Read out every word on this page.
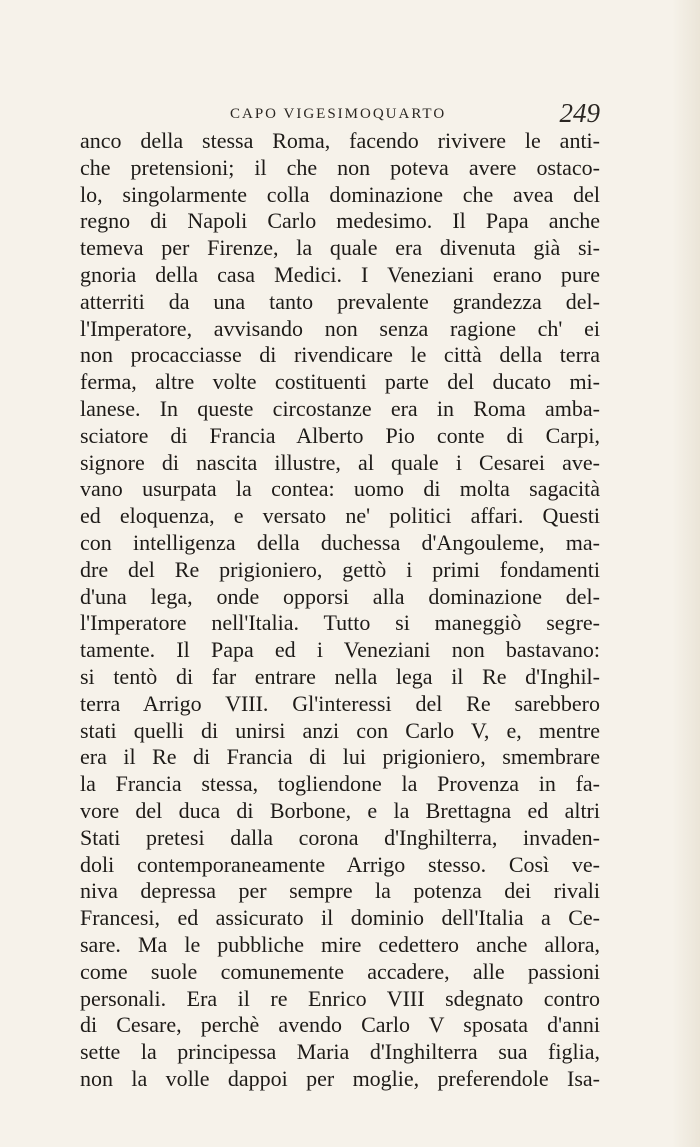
CAPO VIGESIMOQUARTO	249
anco della stessa Roma, facendo rivivere le anti-
che pretensioni; il che non poteva avere ostaco-
lo, singolarmente colla dominazione che avea del
regno di Napoli Carlo medesimo. Il Papa anche
temeva per Firenze, la quale era divenuta già si-
gnoria della casa Medici. I Veneziani erano pure
atterriti da una tanto prevalente grandezza del-
l'Imperatore, avvisando non senza ragione ch' ei
non procacciasse di rivendicare le città della terra
ferma, altre volte costituenti parte del ducato mi-
lanese. In queste circostanze era in Roma amba-
sciatore di Francia Alberto Pio conte di Carpi,
signore di nascita illustre, al quale i Cesarei ave-
vano usurpata la contea: uomo di molta sagacità
ed eloquenza, e versato ne' politici affari. Questi
con intelligenza della duchessa d'Angouleme, ma-
dre del Re prigioniero, gettò i primi fondamenti
d'una lega, onde opporsi alla dominazione del-
l'Imperatore nell'Italia. Tutto si maneggiò segre-
tamente. Il Papa ed i Veneziani non bastavano:
si tentò di far entrare nella lega il Re d'Inghil-
terra Arrigo VIII. Gl'interessi del Re sarebbero
stati quelli di unirsi anzi con Carlo V, e, mentre
era il Re di Francia di lui prigioniero, smembrare
la Francia stessa, togliendone la Provenza in fa-
vore del duca di Borbone, e la Brettagna ed altri
Stati pretesi dalla corona d'Inghilterra, invaden-
doli contemporaneamente Arrigo stesso. Così ve-
niva depressa per sempre la potenza dei rivali
Francesi, ed assicurato il dominio dell'Italia a Ce-
sare. Ma le pubbliche mire cedettero anche allora,
come suole comunemente accadere, alle passioni
personali. Era il re Enrico VIII sdegnato contro
di Cesare, perchè avendo Carlo V sposata d'anni
sette la principessa Maria d'Inghilterra sua figlia,
non la volle dappoi per moglie, preferendole Isa-
